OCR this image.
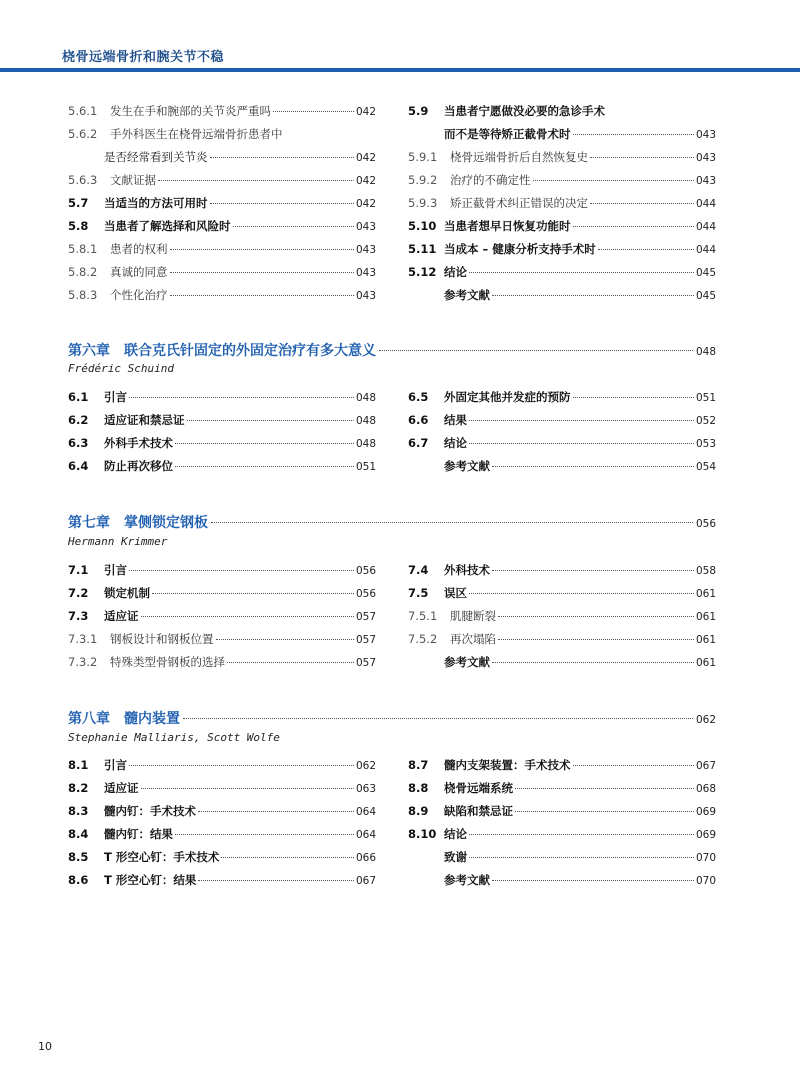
桡骨远端骨折和腕关节不稳
5.6.1	发生在手和腕部的关节炎严重吗	042
5.6.2	手外科医生在桡骨远端骨折患者中
是否经常看到关节炎	042
5.6.3	文献证据	042
5.7	当适当的方法可用时	042
5.8	当患者了解选择和风险时	043
5.8.1	患者的权利	043
5.8.2	真诚的同意	043
5.8.3	个性化治疗	043
5.9	当患者宁愿做没必要的急诊手术
而不是等待矫正截骨术时	043
5.9.1	桡骨远端骨折后自然恢复史	043
5.9.2	治疗的不确定性	043
5.9.3	矫正截骨术纠正错误的决定	044
5.10 当患者想早日恢复功能时	044
5.11 当成本 – 健康分析支持手术时	044
5.12 结论	045
参考文献	045
第六章　联合克氏针固定的外固定治疗有多大意义	048
Frédéric Schuind
6.1	引言	048
6.2	适应证和禁忌证	048
6.3	外科手术技术	048
6.4	防止再次移位	051
6.5	外固定其他并发症的预防	051
6.6	结果	052
6.7	结论	053
参考文献	054
第七章　掌侧锁定钢板	056
Hermann Krimmer
7.1	引言	056
7.2	锁定机制	056
7.3	适应证	057
7.3.1	钢板设计和钢板位置	057
7.3.2	特殊类型骨钢板的选择	057
7.4	外科技术	058
7.5	误区	061
7.5.1	肌腱断裂	061
7.5.2	再次塌陷	061
参考文献	061
第八章　髓内装置	062
Stephanie Malliaris, Scott Wolfe
8.1	引言	062
8.2	适应证	063
8.3	髓内钉：手术技术	064
8.4	髓内钉：结果	064
8.5	T 形空心钉：手术技术	066
8.6	T 形空心钉：结果	067
8.7	髓内支架装置：手术技术	067
8.8	桡骨远端系统	068
8.9	缺陷和禁忌证	069
8.10 结论	069
致谢	070
参考文献	070
10
